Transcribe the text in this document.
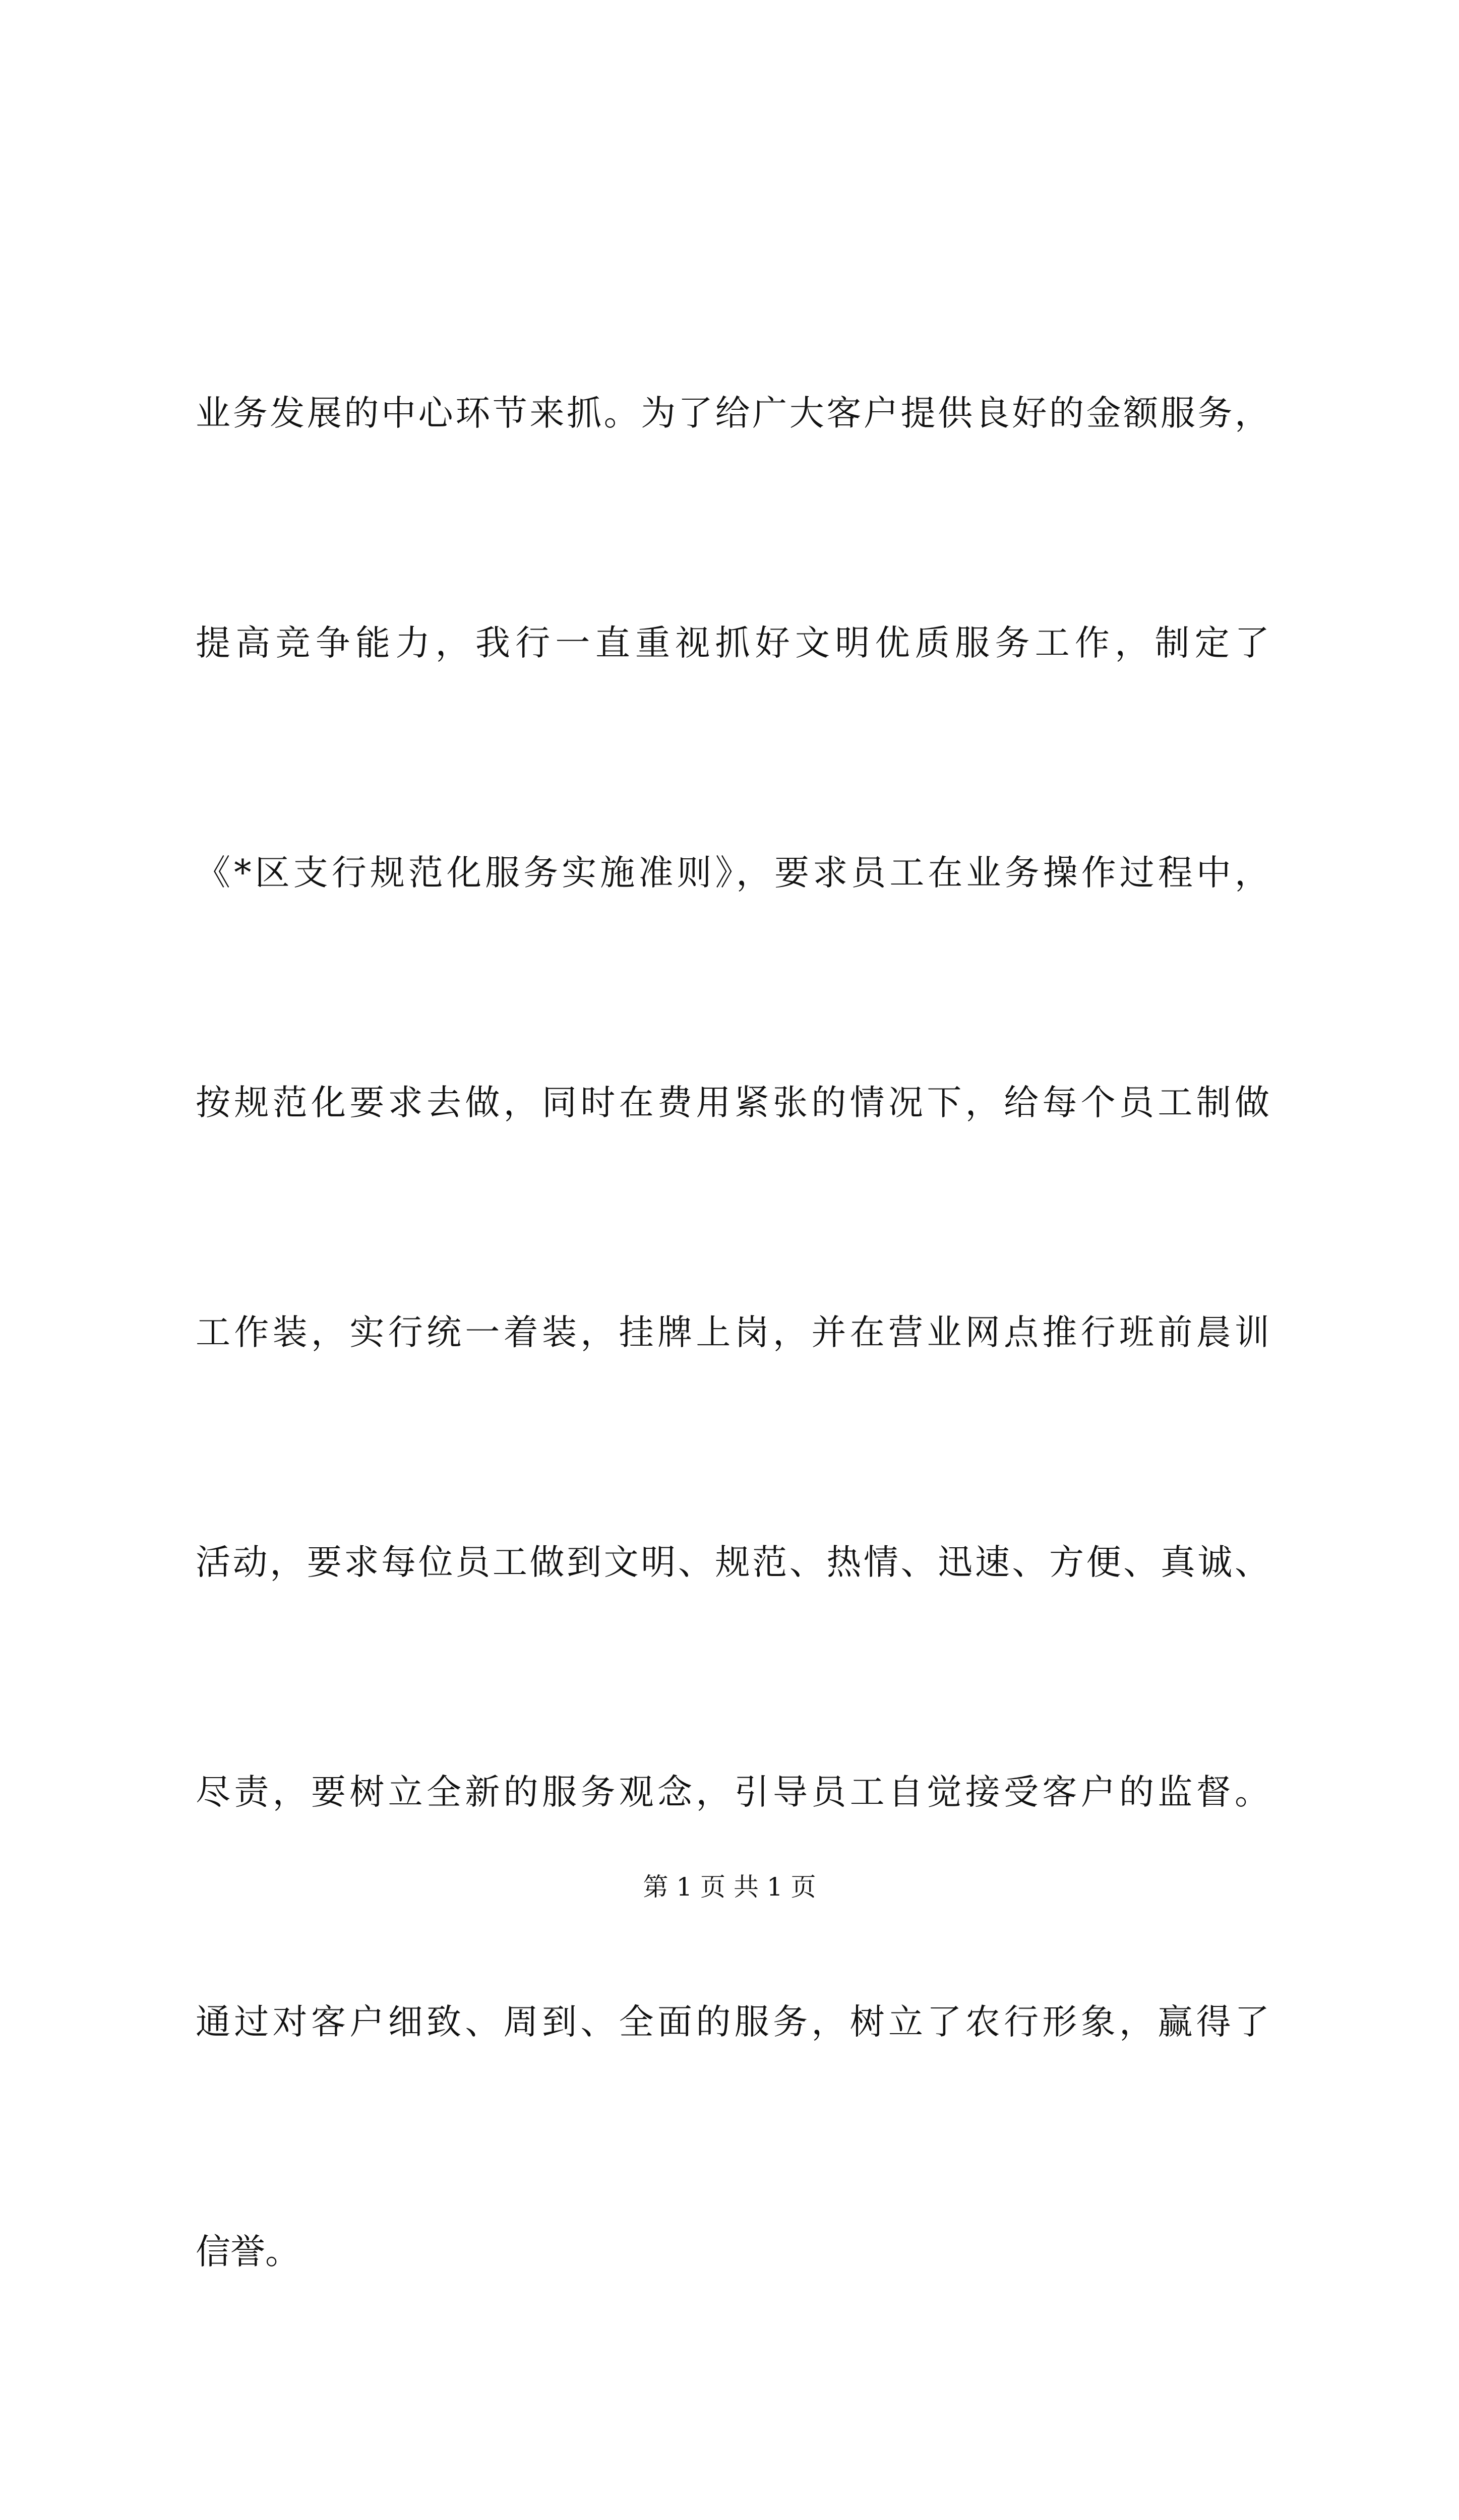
业务发展的中心环节来抓。为了给广大客户提供良好的金额服务，

提高竞争能力，我行一直重视抓好文明优质服务工作，制定了

《*区支行规范化服务实施准则》，要求员工在业务操作过程中，

按规范化要求去做，同时在费用紧张的情况下，给每个员工制做

工作装，实行统一着装，挂牌上岗，并在营业网点推行班前晨训

活动，要求每位员工做到文明、规范、热情、迅速、方便、真诚、

尽责，要树立全新的服务观念，引导员工自觉接受客户的监督。

通过对客户细致、周到、全面的服务，树立了农行形象，赢得了

信誉。

第 1 页 共 1 页
